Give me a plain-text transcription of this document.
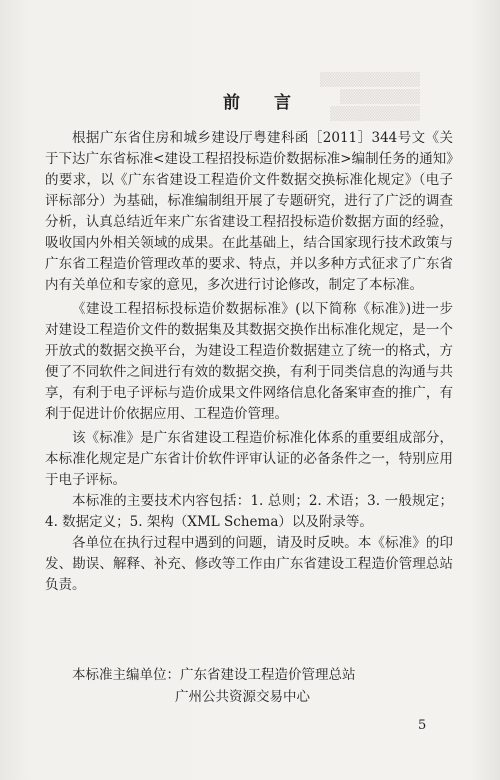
▒▒▒▒▒▒▒▒▒▒
▒▒▒▒▒▒▒▒
▒▒▒▒▒▒▒▒▒
前 言

根据广东省住房和城乡建设厅粤建科函［2011］344号文《关于下达广东省标准<建设工程招投标造价数据标准>编制任务的通知》的要求，以《广东省建设工程造价文件数据交换标准化规定》（电子评标部分）为基础，标准编制组开展了专题研究，进行了广泛的调查分析，认真总结近年来广东省建设工程招投标造价数据方面的经验，吸收国内外相关领域的成果。在此基础上，结合国家现行技术政策与广东省工程造价管理改革的要求、特点，并以多种方式征求了广东省内有关单位和专家的意见，多次进行讨论修改，制定了本标准。

《建设工程招标投标造价数据标准》(以下简称《标准》)进一步对建设工程造价文件的数据集及其数据交换作出标准化规定，是一个开放式的数据交换平台，为建设工程造价数据建立了统一的格式，方便了不同软件之间进行有效的数据交换，有利于同类信息的沟通与共享，有利于电子评标与造价成果文件网络信息化备案审查的推广，有利于促进计价依据应用、工程造价管理。

该《标准》是广东省建设工程造价标准化体系的重要组成部分，本标准化规定是广东省计价软件评审认证的必备条件之一，特别应用于电子评标。

本标准的主要技术内容包括：1. 总则；2. 术语；3. 一般规定；4. 数据定义；5. 架构（XML Schema）以及附录等。

各单位在执行过程中遇到的问题，请及时反映。本《标准》的印发、勘误、解释、补充、修改等工作由广东省建设工程造价管理总站负责。

本标准主编单位：广东省建设工程造价管理总站
广州公共资源交易中心
5
